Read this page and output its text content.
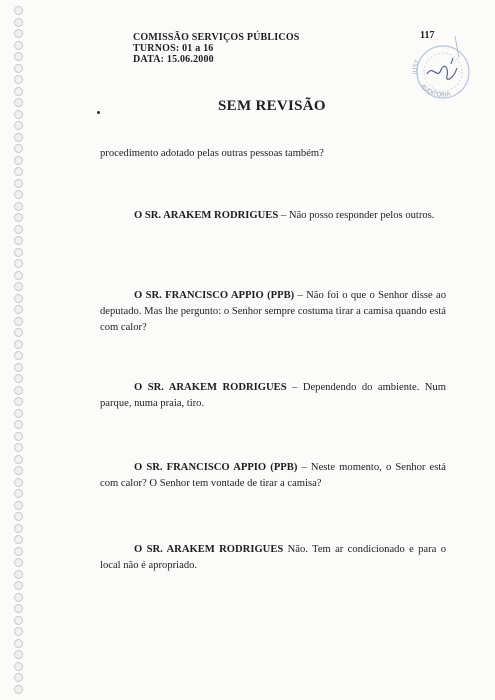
COMISSÃO SERVIÇOS PÚBLICOS
TURNOS: 01 a 16
DATA: 15.06.2000
117
JUST
AUDITORIA
SEM REVISÃO
procedimento adotado pelas outras pessoas também?
O SR. ARAKEM RODRIGUES – Não posso responder pelos outros.
O SR. FRANCISCO APPIO (PPB) – Não foi o que o Senhor disse ao deputado. Mas lhe pergunto: o Senhor sempre costuma tirar a camisa quando está com calor?
O SR. ARAKEM RODRIGUES – Dependendo do ambiente. Num parque, numa praia, tiro.
O SR. FRANCISCO APPIO (PPB) – Neste momento, o Senhor está com calor? O Senhor tem vontade de tirar a camisa?
O SR. ARAKEM RODRIGUES Não. Tem ar condicionado e para o local não é apropriado.
